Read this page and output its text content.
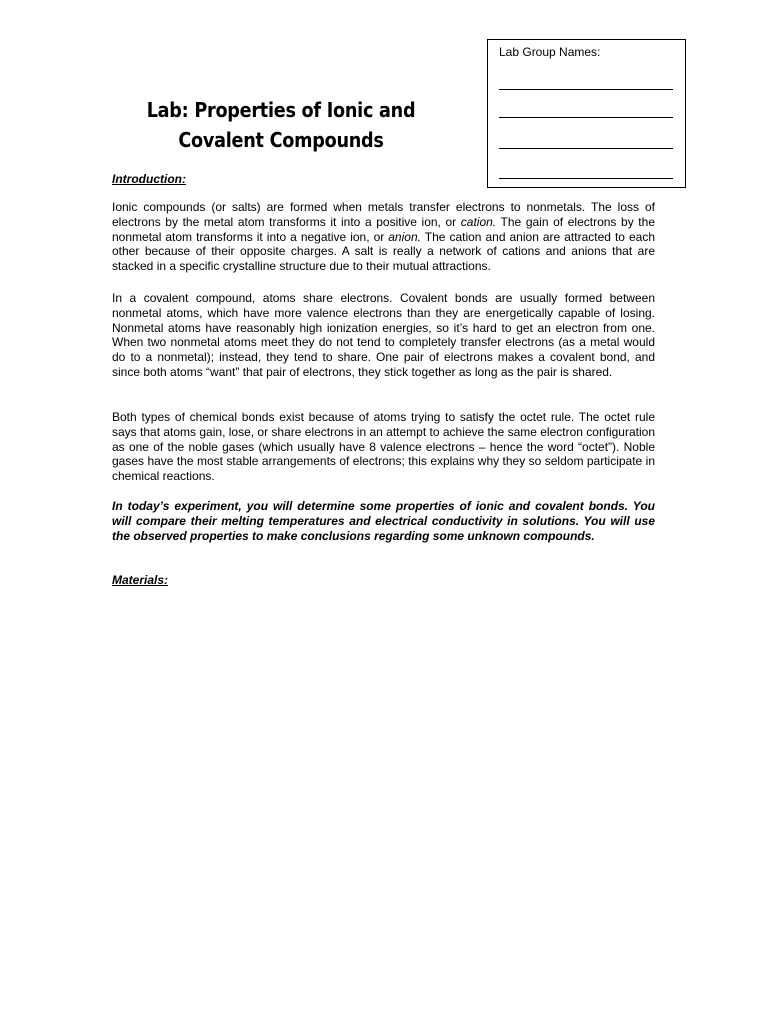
Lab: Properties of Ionic and
Covalent Compounds
Lab Group Names:
Introduction:

Ionic compounds (or salts) are formed when metals transfer electrons to nonmetals. The loss of electrons by the metal atom transforms it into a positive ion, or cation. The gain of electrons by the nonmetal atom transforms it into a negative ion, or anion. The cation and anion are attracted to each other because of their opposite charges. A salt is really a network of cations and anions that are stacked in a specific crystalline structure due to their mutual attractions.

In a covalent compound, atoms share electrons. Covalent bonds are usually formed between nonmetal atoms, which have more valence electrons than they are energetically capable of losing. Nonmetal atoms have reasonably high ionization energies, so it’s hard to get an electron from one. When two nonmetal atoms meet they do not tend to completely transfer electrons (as a metal would do to a nonmetal); instead, they tend to share. One pair of electrons makes a covalent bond, and since both atoms “want” that pair of electrons, they stick together as long as the pair is shared.

Both types of chemical bonds exist because of atoms trying to satisfy the octet rule. The octet rule says that atoms gain, lose, or share electrons in an attempt to achieve the same electron configuration as one of the noble gases (which usually have 8 valence electrons – hence the word “octet”). Noble gases have the most stable arrangements of electrons; this explains why they so seldom participate in chemical reactions.

In today’s experiment, you will determine some properties of ionic and covalent bonds. You will compare their melting temperatures and electrical conductivity in solutions. You will use the observed properties to make conclusions regarding some unknown compounds.

Materials:
